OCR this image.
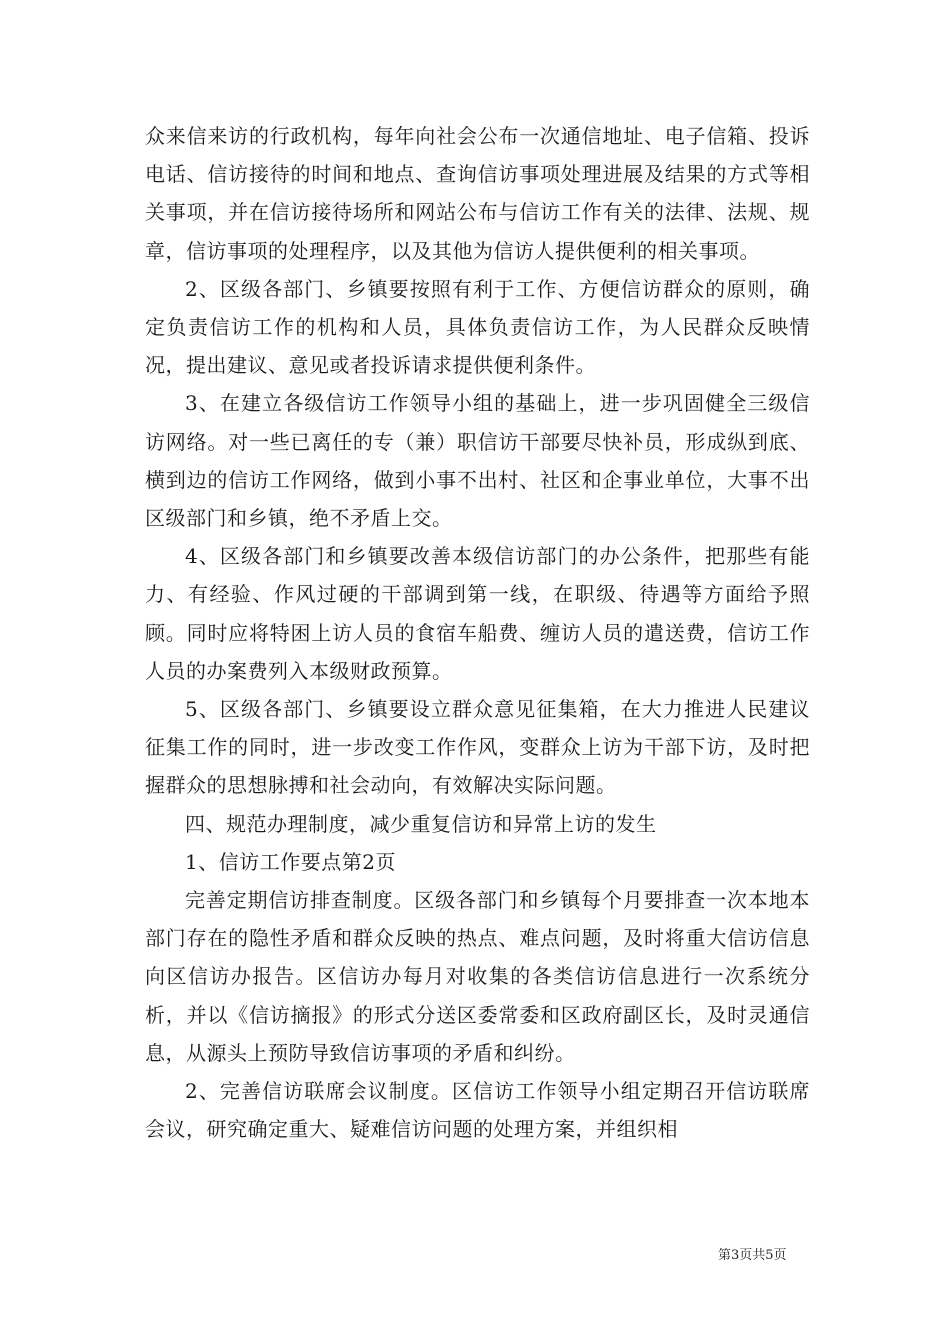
众来信来访的行政机构，每年向社会公布一次通信地址、电子信箱、投诉电话、信访接待的时间和地点、查询信访事项处理进展及结果的方式等相关事项，并在信访接待场所和网站公布与信访工作有关的法律、法规、规章，信访事项的处理程序，以及其他为信访人提供便利的相关事项。

2、区级各部门、乡镇要按照有利于工作、方便信访群众的原则，确定负责信访工作的机构和人员，具体负责信访工作，为人民群众反映情况，提出建议、意见或者投诉请求提供便利条件。

3、在建立各级信访工作领导小组的基础上，进一步巩固健全三级信访网络。对一些已离任的专（兼）职信访干部要尽快补员，形成纵到底、横到边的信访工作网络，做到小事不出村、社区和企事业单位，大事不出区级部门和乡镇，绝不矛盾上交。

4、区级各部门和乡镇要改善本级信访部门的办公条件，把那些有能力、有经验、作风过硬的干部调到第一线，在职级、待遇等方面给予照顾。同时应将特困上访人员的食宿车船费、缠访人员的遣送费，信访工作人员的办案费列入本级财政预算。

5、区级各部门、乡镇要设立群众意见征集箱，在大力推进人民建议征集工作的同时，进一步改变工作作风，变群众上访为干部下访，及时把握群众的思想脉搏和社会动向，有效解决实际问题。

四、规范办理制度，减少重复信访和异常上访的发生

1、信访工作要点第2页

完善定期信访排查制度。区级各部门和乡镇每个月要排查一次本地本部门存在的隐性矛盾和群众反映的热点、难点问题，及时将重大信访信息向区信访办报告。区信访办每月对收集的各类信访信息进行一次系统分析，并以《信访摘报》的形式分送区委常委和区政府副区长，及时灵通信息，从源头上预防导致信访事项的矛盾和纠纷。

2、完善信访联席会议制度。区信访工作领导小组定期召开信访联席会议，研究确定重大、疑难信访问题的处理方案，并组织相

第3页共5页
